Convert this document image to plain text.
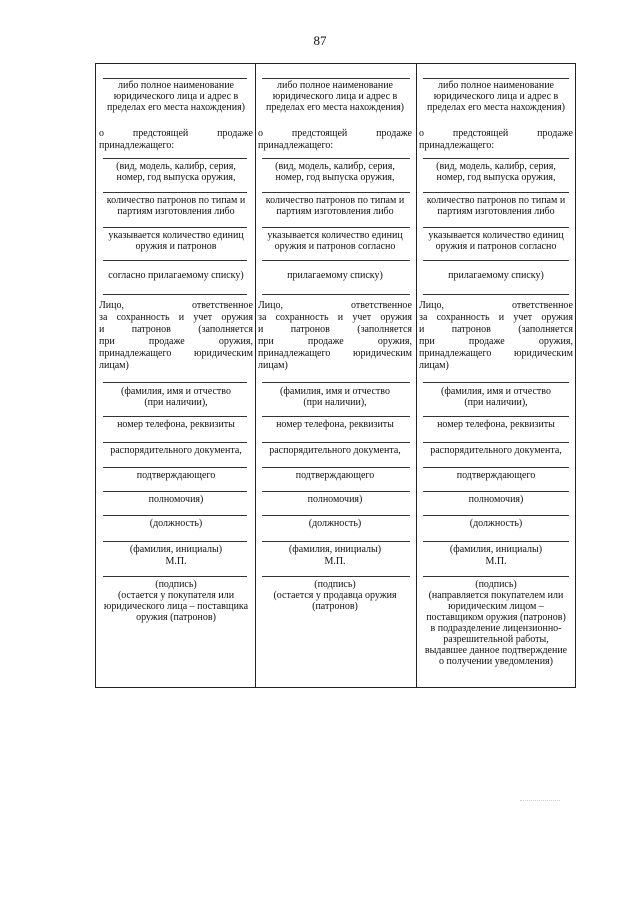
87
либо полное наименование
юридического лица и адрес в
пределах его места нахождения)
о	предстоящей	продаже
принадлежащего:
(вид, модель, калибр, серия,
номер, год выпуска оружия,
количество патронов по типам и
партиям изготовления либо
указывается количество единиц
оружия и патронов
согласно прилагаемому списку)
Лицо,	ответственное
за сохранность и учет оружия
и	патронов	(заполняется
при	продаже	оружия,
принадлежащего юридическим
лицам)
(фамилия, имя и отчество
(при наличии),
номер телефона, реквизиты
распорядительного документа,
подтверждающего
полномочия)
(должность)
(фамилия, инициалы)
М.П.
(подпись)
(остается у покупателя или
юридического лица – поставщика
оружия (патронов)
либо полное наименование
юридического лица и адрес в
пределах его места нахождения)
о	предстоящей	продаже
принадлежащего:
(вид, модель, калибр, серия,
номер, год выпуска оружия,
количество патронов по типам и
партиям изготовления либо
указывается количество единиц
оружия и патронов согласно
прилагаемому списку)
Лицо,	ответственное
за сохранность и учет оружия
и	патронов	(заполняется
при	продаже	оружия,
принадлежащего юридическим
лицам)
(фамилия, имя и отчество
(при наличии),
номер телефона, реквизиты
распорядительного документа,
подтверждающего
полномочия)
(должность)
(фамилия, инициалы)
М.П.
(подпись)
(остается у продавца оружия
(патронов)
либо полное наименование
юридического лица и адрес в
пределах его места нахождения)
о	предстоящей	продаже
принадлежащего:
(вид, модель, калибр, серия,
номер, год выпуска оружия,
количество патронов по типам и
партиям изготовления либо
указывается количество единиц
оружия и патронов согласно
прилагаемому списку)
Лицо,	ответственное
за сохранность и учет оружия
и	патронов	(заполняется
при	продаже	оружия,
принадлежащего юридическим
лицам)
(фамилия, имя и отчество
(при наличии),
номер телефона, реквизиты
распорядительного документа,
подтверждающего
полномочия)
(должность)
(фамилия, инициалы)
М.П.
(подпись)
(направляется покупателем или
юридическим лицом –
поставщиком оружия (патронов)
в подразделение лицензионно-
разрешительной работы,
выдавшее данное подтверждение
о получении уведомления)
